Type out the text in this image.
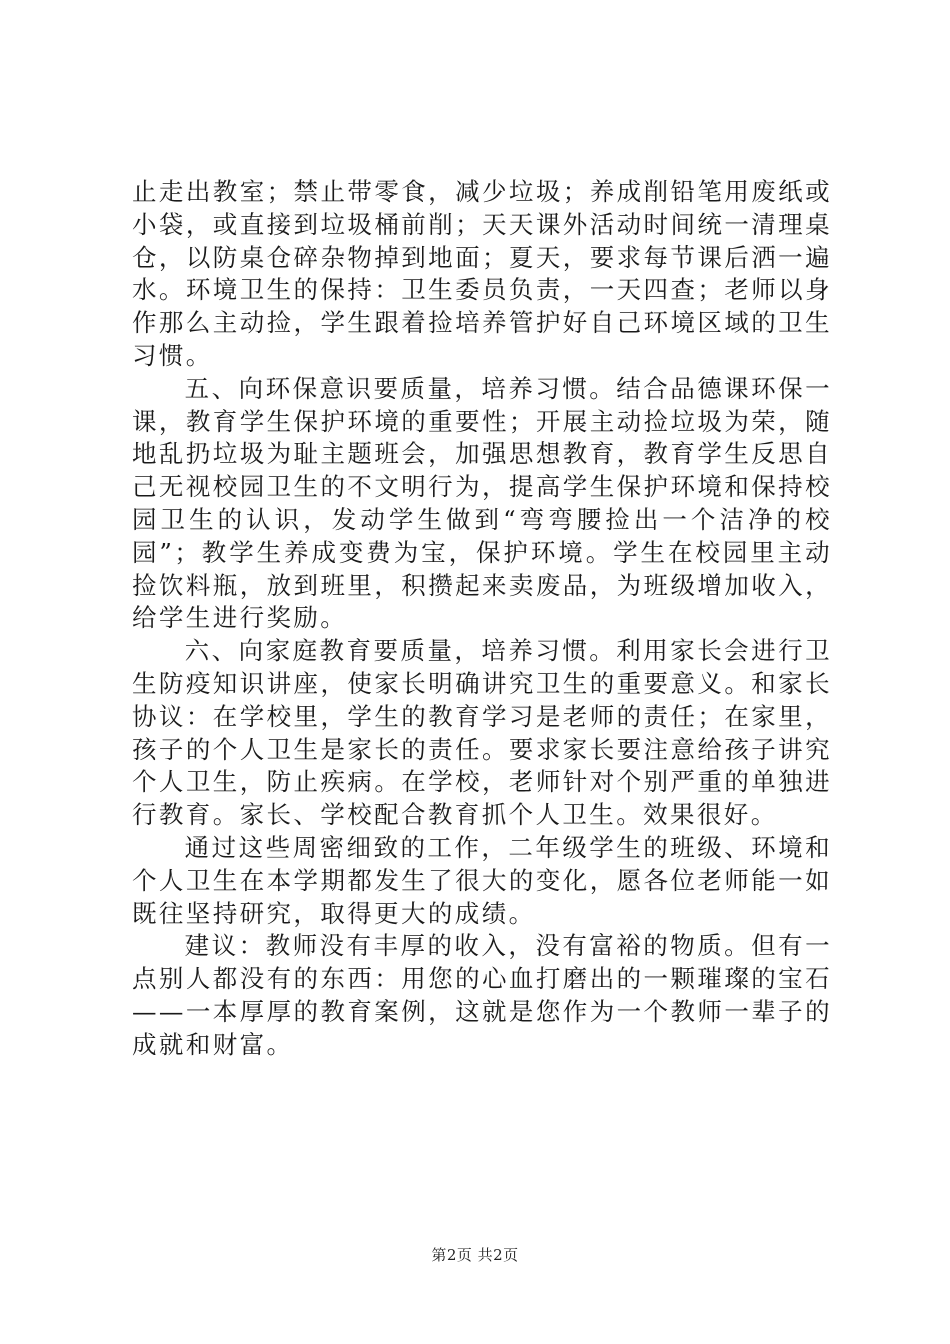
止走出教室；禁止带零食，减少垃圾；养成削铅笔用废纸或小袋，或直接到垃圾桶前削；天天课外活动时间统一清理桌仓，以防桌仓碎杂物掉到地面；夏天，要求每节课后洒一遍水。环境卫生的保持：卫生委员负责，一天四查；老师以身作那么主动捡，学生跟着捡培养管护好自己环境区域的卫生习惯。

五、向环保意识要质量，培养习惯。结合品德课环保一课，教育学生保护环境的重要性；开展主动捡垃圾为荣，随地乱扔垃圾为耻主题班会，加强思想教育，教育学生反思自己无视校园卫生的不文明行为，提高学生保护环境和保持校园卫生的认识，发动学生做到“弯弯腰捡出一个洁净的校园”；教学生养成变费为宝，保护环境。学生在校园里主动捡饮料瓶，放到班里，积攒起来卖废品，为班级增加收入，给学生进行奖励。

六、向家庭教育要质量，培养习惯。利用家长会进行卫生防疫知识讲座，使家长明确讲究卫生的重要意义。和家长协议：在学校里，学生的教育学习是老师的责任；在家里，孩子的个人卫生是家长的责任。要求家长要注意给孩子讲究个人卫生，防止疾病。在学校，老师针对个别严重的单独进行教育。家长、学校配合教育抓个人卫生。效果很好。

通过这些周密细致的工作，二年级学生的班级、环境和个人卫生在本学期都发生了很大的变化，愿各位老师能一如既往坚持研究，取得更大的成绩。

建议：教师没有丰厚的收入，没有富裕的物质。但有一点别人都没有的东西：用您的心血打磨出的一颗璀璨的宝石——一本厚厚的教育案例，这就是您作为一个教师一辈子的成就和财富。

第2页 共2页
